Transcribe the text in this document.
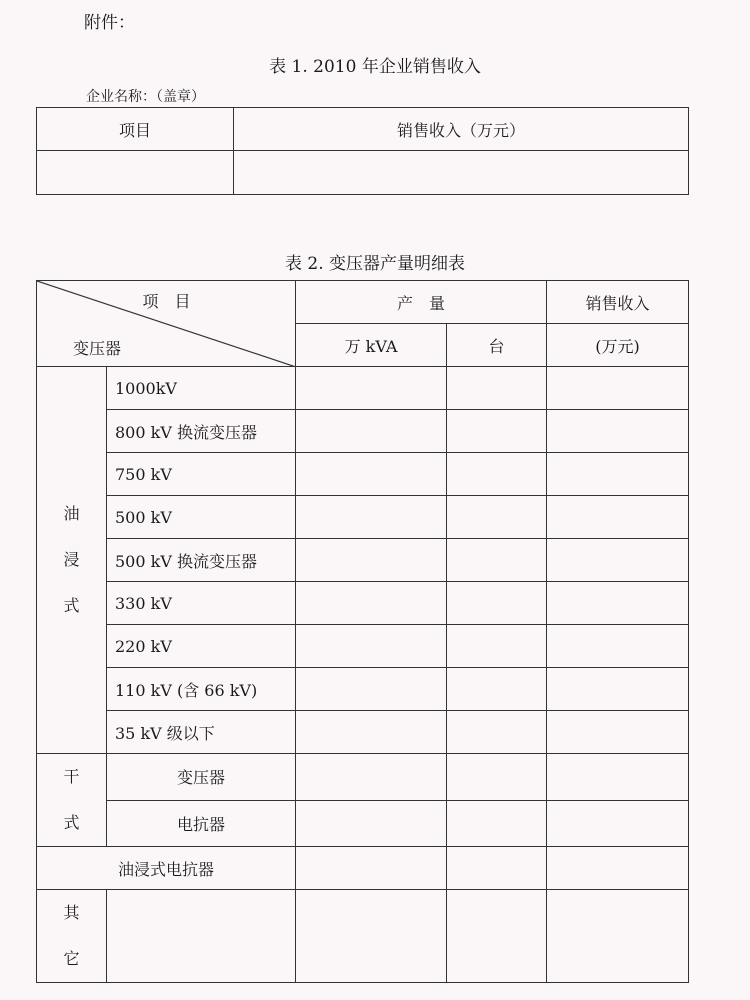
附件：
表 1. 2010 年企业销售收入
企业名称：（盖章）
项目	销售收入（万元）

表 2. 变压器产量明细表
项　目
变压器		产　量		销售收入
		万 kVA	台	(万元)

油
浸
式	1000kV			
	800 kV 换流变压器			
	750 kV			
	500 kV			
	500 kV 换流变压器			
	330 kV			
	220 kV			
	110 kV (含 66 kV)			
	35 kV 级以下			

干
式	变压器			
	电抗器			
油浸式电抗器				

其
它				
